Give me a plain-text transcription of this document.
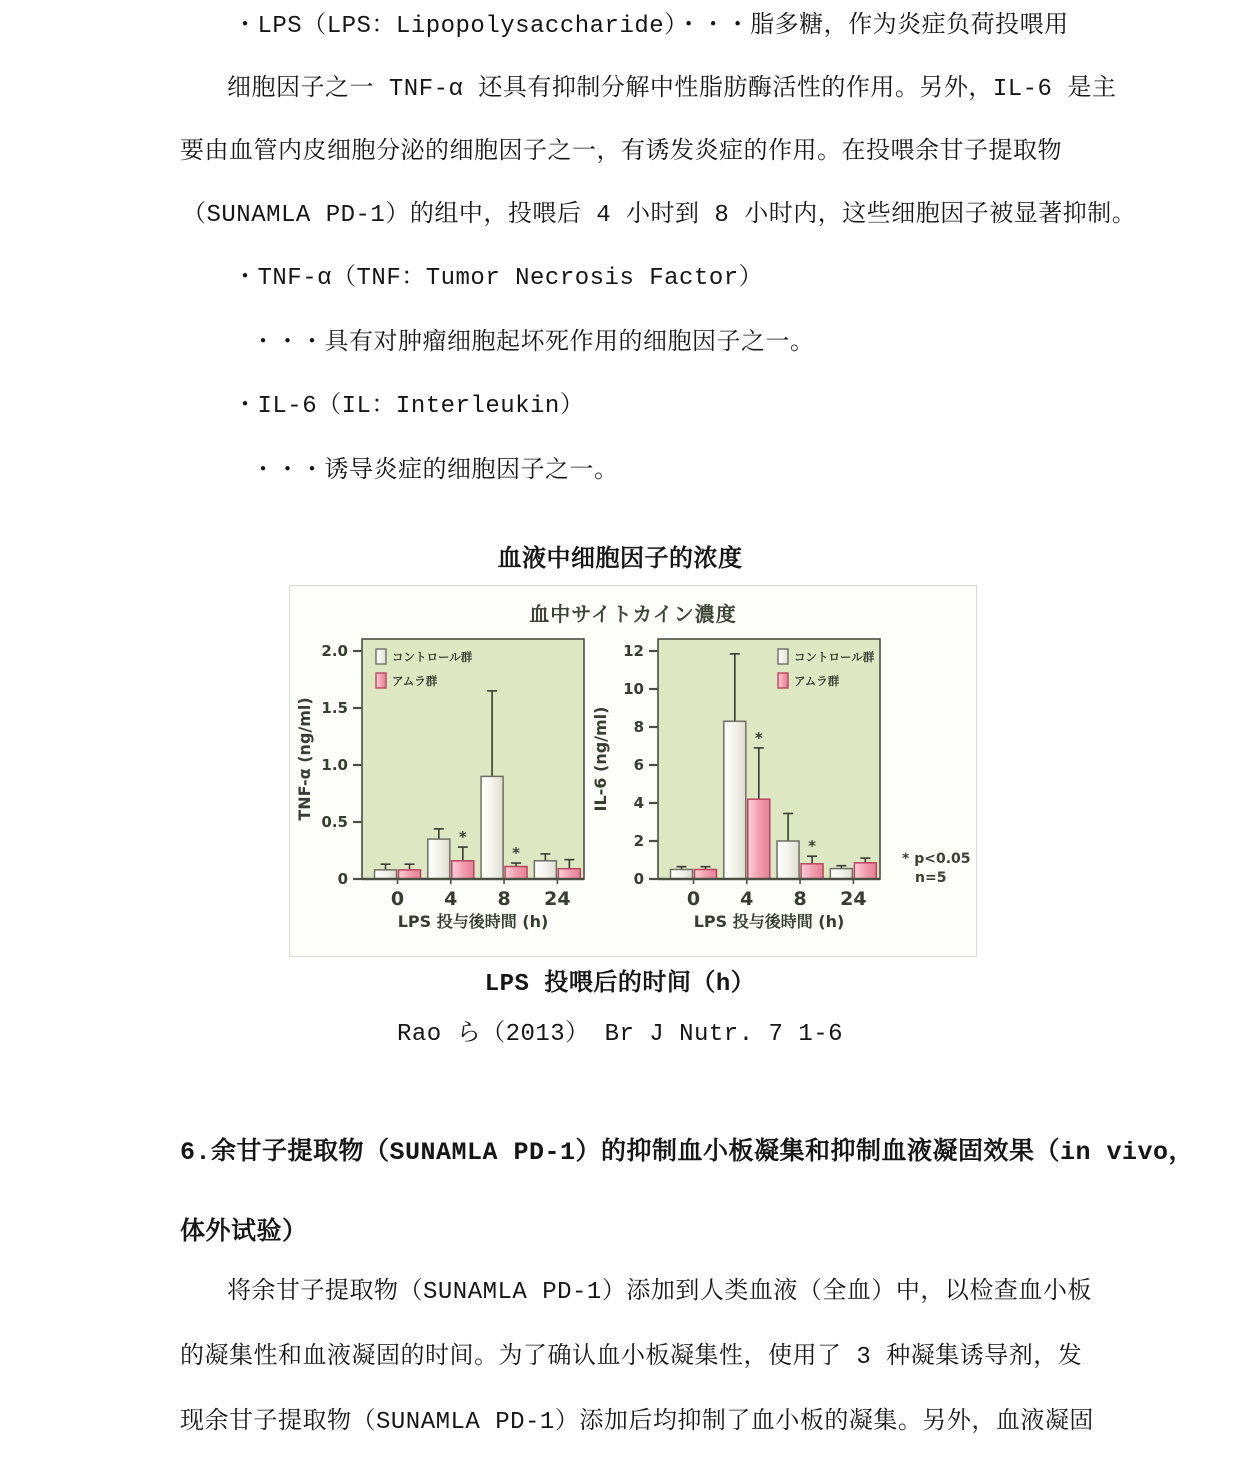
・LPS（LPS：Lipopolysaccharide）・・・脂多糖，作为炎症负荷投喂用
细胞因子之一 TNF-α 还具有抑制分解中性脂肪酶活性的作用。另外，IL-6 是主
要由血管内皮细胞分泌的细胞因子之一，有诱发炎症的作用。在投喂余甘子提取物
（SUNAMLA PD-1）的组中，投喂后 4 小时到 8 小时内，这些细胞因子被显著抑制。
・TNF-α（TNF：Tumor Necrosis Factor）
・・・具有对肿瘤细胞起坏死作用的细胞因子之一。
・IL-6（IL：Interleukin）
・・・诱导炎症的细胞因子之一。
血液中细胞因子的浓度
血中サイトカイン濃度
0
0.5
1.0
1.5
2.0
0 4
*
8
*
24
コントロール群
アムラ群
LPS 投与後時間 (h)
TNF-α (ng/ml)
0
2
4
6
8
10
12
0 4
*
8
*
24
コントロール群
アムラ群
LPS 投与後時間 (h)
IL-6 (ng/ml)
* p<0.05
n=5
LPS 投喂后的时间（h）
Rao ら（2013） Br J Nutr. 7 1-6
6.余甘子提取物（SUNAMLA PD-1）的抑制血小板凝集和抑制血液凝固效果（in vivo，
体外试验）
将余甘子提取物（SUNAMLA PD-1）添加到人类血液（全血）中，以检查血小板
的凝集性和血液凝固的时间。为了确认血小板凝集性，使用了 3 种凝集诱导剂，发
现余甘子提取物（SUNAMLA PD-1）添加后均抑制了血小板的凝集。另外，血液凝固
